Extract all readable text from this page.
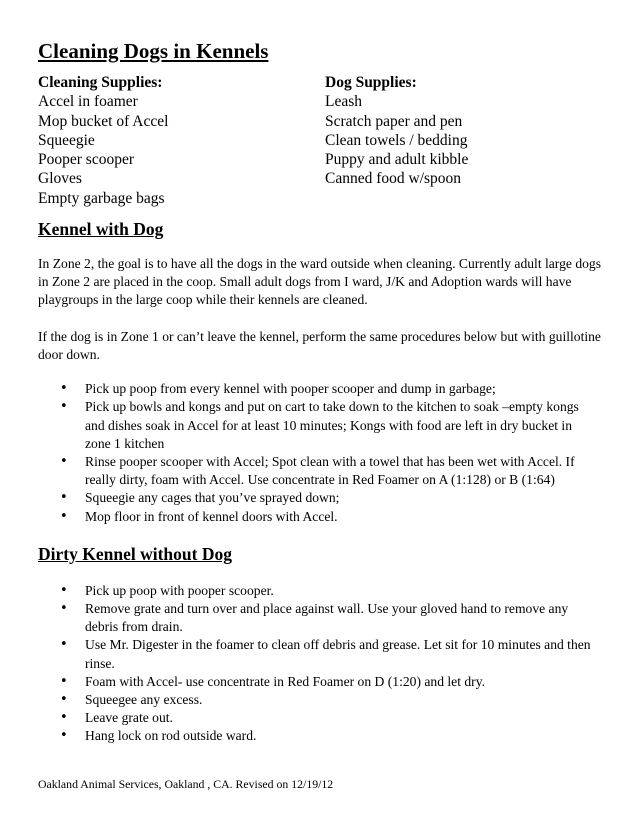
Cleaning Dogs in Kennels
Cleaning Supplies:
Accel in foamer
Mop bucket of Accel
Squeegie
Pooper scooper
Gloves
Empty garbage bags
Dog Supplies:
Leash
Scratch paper and pen
Clean towels / bedding
Puppy and adult kibble
Canned food w/spoon
Kennel with Dog

In Zone 2, the goal is to have all the dogs in the ward outside when cleaning. Currently adult large dogs in Zone 2 are placed in the coop. Small adult dogs from I ward, J/K and Adoption wards will have playgroups in the large coop while their kennels are cleaned.

If the dog is in Zone 1 or can’t leave the kennel, perform the same procedures below but with guillotine door down.

• Pick up poop from every kennel with pooper scooper and dump in garbage;
• Pick up bowls and kongs and put on cart to take down to the kitchen to soak –empty kongs and dishes soak in Accel for at least 10 minutes; Kongs with food are left in dry bucket in zone 1 kitchen
• Rinse pooper scooper with Accel; Spot clean with a towel that has been wet with Accel. If really dirty, foam with Accel. Use concentrate in Red Foamer on A (1:128) or B (1:64)
• Squeegie any cages that you’ve sprayed down;
• Mop floor in front of kennel doors with Accel.
Dirty Kennel without Dog
• Pick up poop with pooper scooper.
• Remove grate and turn over and place against wall. Use your gloved hand to remove any debris from drain.
• Use Mr. Digester in the foamer to clean off debris and grease. Let sit for 10 minutes and then rinse.
• Foam with Accel- use concentrate in Red Foamer on D (1:20) and let dry.
• Squeegee any excess.
• Leave grate out.
• Hang lock on rod outside ward.
Oakland Animal Services, Oakland , CA. Revised on 12/19/12
